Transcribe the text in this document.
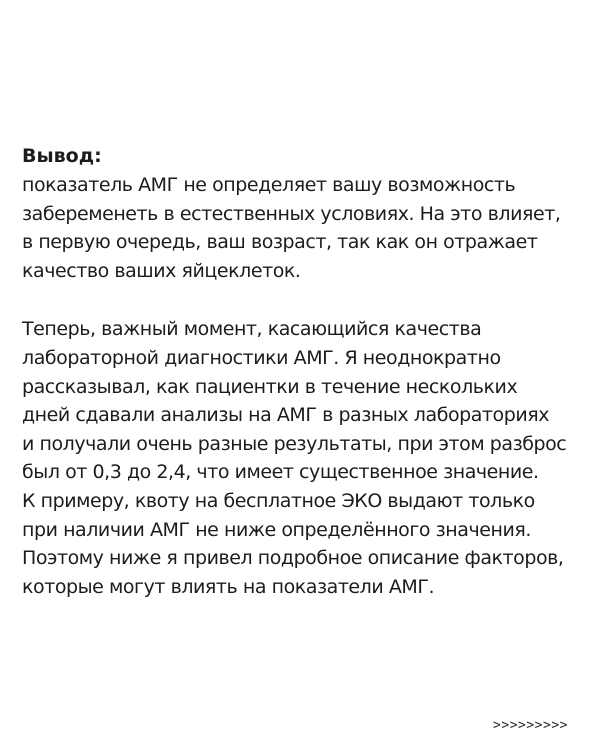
Вывод:

показатель АМГ не определяет вашу возможность

забеременеть в естественных условиях. На это влияет,

в первую очередь, ваш возраст, так как он отражает

качество ваших яйцеклеток.

Теперь, важный момент, касающийся качества

лабораторной диагностики АМГ. Я неоднократно

рассказывал, как пациентки в течение нескольких

дней сдавали анализы на АМГ в разных лабораториях

и получали очень разные результаты, при этом разброс

был от 0,3 до 2,4, что имеет существенное значение.

К примеру, квоту на бесплатное ЭКО выдают только

при наличии АМГ не ниже определённого значения.

Поэтому ниже я привел подробное описание факторов,

которые могут влиять на показатели АМГ.

>>>>>>>>>
